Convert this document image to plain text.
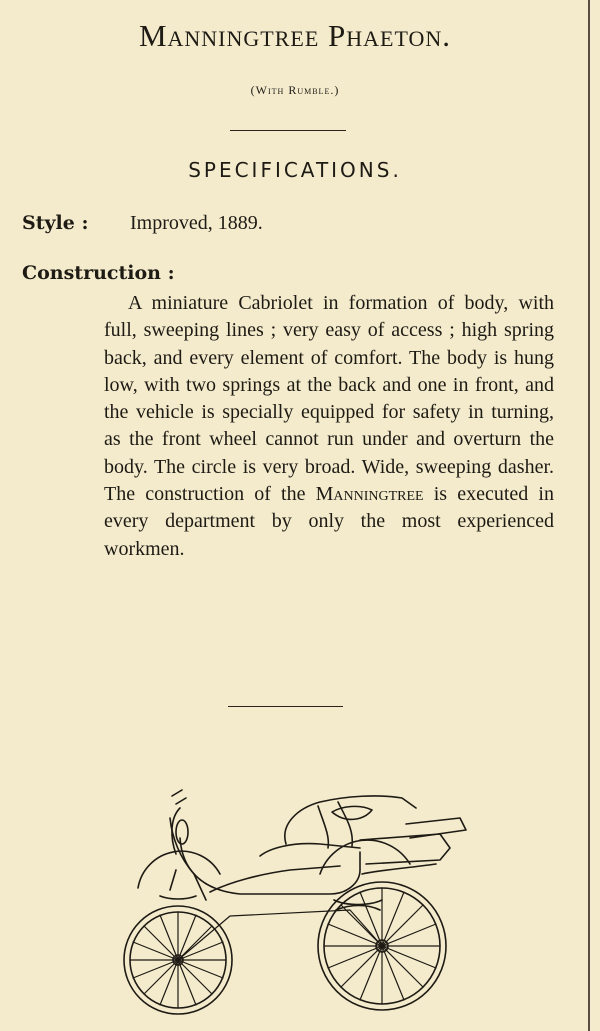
Manningtree Phaeton.
(With Rumble.)
SPECIFICATIONS.
Style : Improved, 1889.
Construction :
A miniature Cabriolet in formation of body, with full, sweeping lines ; very easy of access ; high spring back, and every element of comfort. The body is hung low, with two springs at the back and one in front, and the vehicle is specially equipped for safety in turning, as the front wheel cannot run under and overturn the body. The circle is very broad. Wide, sweeping dasher. The construction of the Manningtree is executed in every department by only the most experienced workmen.
